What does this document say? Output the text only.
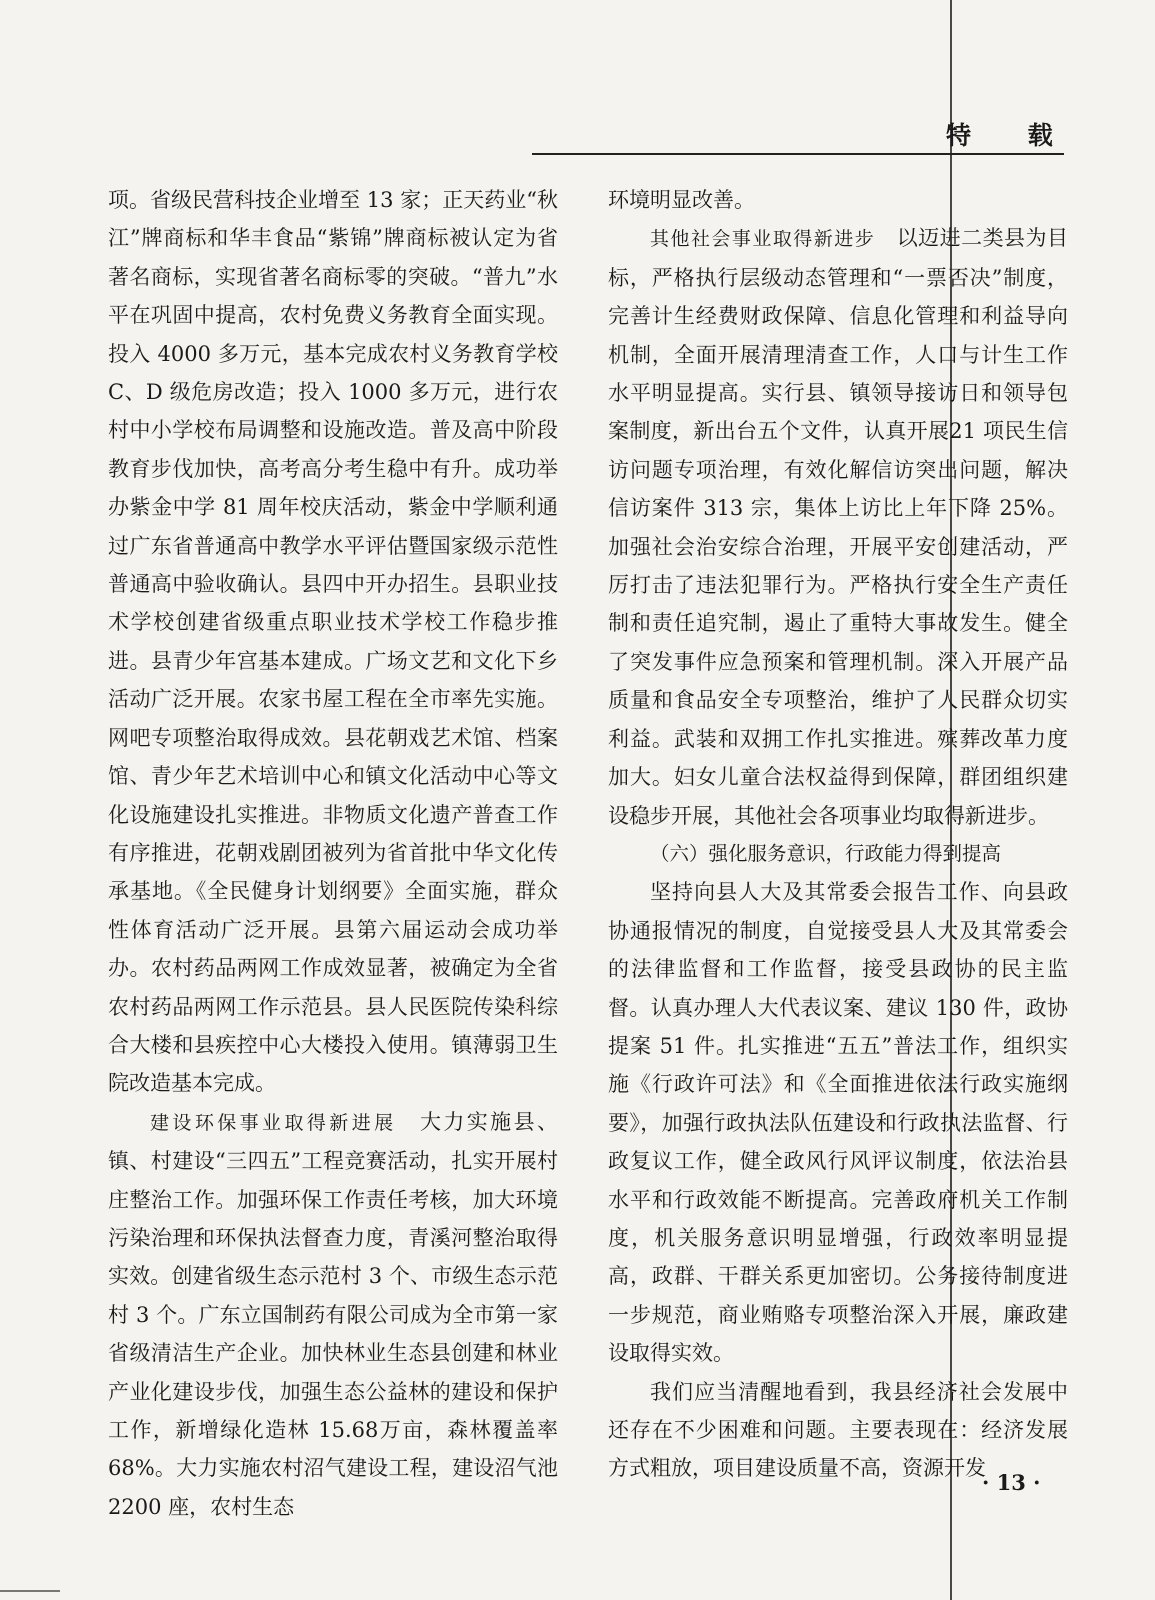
特 载

项。省级民营科技企业增至 13 家；正天药业“秋江”牌商标和华丰食品“紫锦”牌商标被认定为省著名商标，实现省著名商标零的突破。“普九”水平在巩固中提高，农村免费义务教育全面实现。投入 4000 多万元，基本完成农村义务教育学校 C、D 级危房改造；投入 1000 多万元，进行农村中小学校布局调整和设施改造。普及高中阶段教育步伐加快，高考高分考生稳中有升。成功举办紫金中学 81 周年校庆活动，紫金中学顺利通过广东省普通高中教学水平评估暨国家级示范性普通高中验收确认。县四中开办招生。县职业技术学校创建省级重点职业技术学校工作稳步推进。县青少年宫基本建成。广场文艺和文化下乡活动广泛开展。农家书屋工程在全市率先实施。网吧专项整治取得成效。县花朝戏艺术馆、档案馆、青少年艺术培训中心和镇文化活动中心等文化设施建设扎实推进。非物质文化遗产普查工作有序推进，花朝戏剧团被列为省首批中华文化传承基地。《全民健身计划纲要》全面实施，群众性体育活动广泛开展。县第六届运动会成功举办。农村药品两网工作成效显著，被确定为全省农村药品两网工作示范县。县人民医院传染科综合大楼和县疾控中心大楼投入使用。镇薄弱卫生院改造基本完成。

建设环保事业取得新进展　 大力实施县、镇、村建设“三四五”工程竞赛活动，扎实开展村庄整治工作。加强环保工作责任考核，加大环境污染治理和环保执法督查力度，青溪河整治取得实效。创建省级生态示范村 3 个、市级生态示范村 3 个。广东立国制药有限公司成为全市第一家省级清洁生产企业。加快林业生态县创建和林业产业化建设步伐，加强生态公益林的建设和保护工作，新增绿化造林 15.68万亩，森林覆盖率 68%。大力实施农村沼气建设工程，建设沼气池 2200 座，农村生态

环境明显改善。

其他社会事业取得新进步　 以迈进二类县为目标，严格执行层级动态管理和“一票否决”制度，完善计生经费财政保障、信息化管理和利益导向机制，全面开展清理清查工作，人口与计生工作水平明显提高。实行县、镇领导接访日和领导包案制度，新出台五个文件，认真开展21 项民生信访问题专项治理，有效化解信访突出问题，解决信访案件 313 宗，集体上访比上年下降 25%。加强社会治安综合治理，开展平安创建活动，严厉打击了违法犯罪行为。严格执行安全生产责任制和责任追究制，遏止了重特大事故发生。健全了突发事件应急预案和管理机制。深入开展产品质量和食品安全专项整治，维护了人民群众切实利益。武装和双拥工作扎实推进。殡葬改革力度加大。妇女儿童合法权益得到保障，群团组织建设稳步开展，其他社会各项事业均取得新进步。

（六）强化服务意识，行政能力得到提高

坚持向县人大及其常委会报告工作、向县政协通报情况的制度，自觉接受县人大及其常委会的法律监督和工作监督，接受县政协的民主监督。认真办理人大代表议案、建议 130 件，政协提案 51 件。扎实推进“五五”普法工作，组织实施《行政许可法》和《全面推进依法行政实施纲要》，加强行政执法队伍建设和行政执法监督、行政复议工作，健全政风行风评议制度，依法治县水平和行政效能不断提高。完善政府机关工作制度，机关服务意识明显增强，行政效率明显提高，政群、干群关系更加密切。公务接待制度进一步规范，商业贿赂专项整治深入开展，廉政建设取得实效。

我们应当清醒地看到，我县经济社会发展中还存在不少困难和问题。主要表现在：经济发展方式粗放，项目建设质量不高，资源开发

· 13 ·
